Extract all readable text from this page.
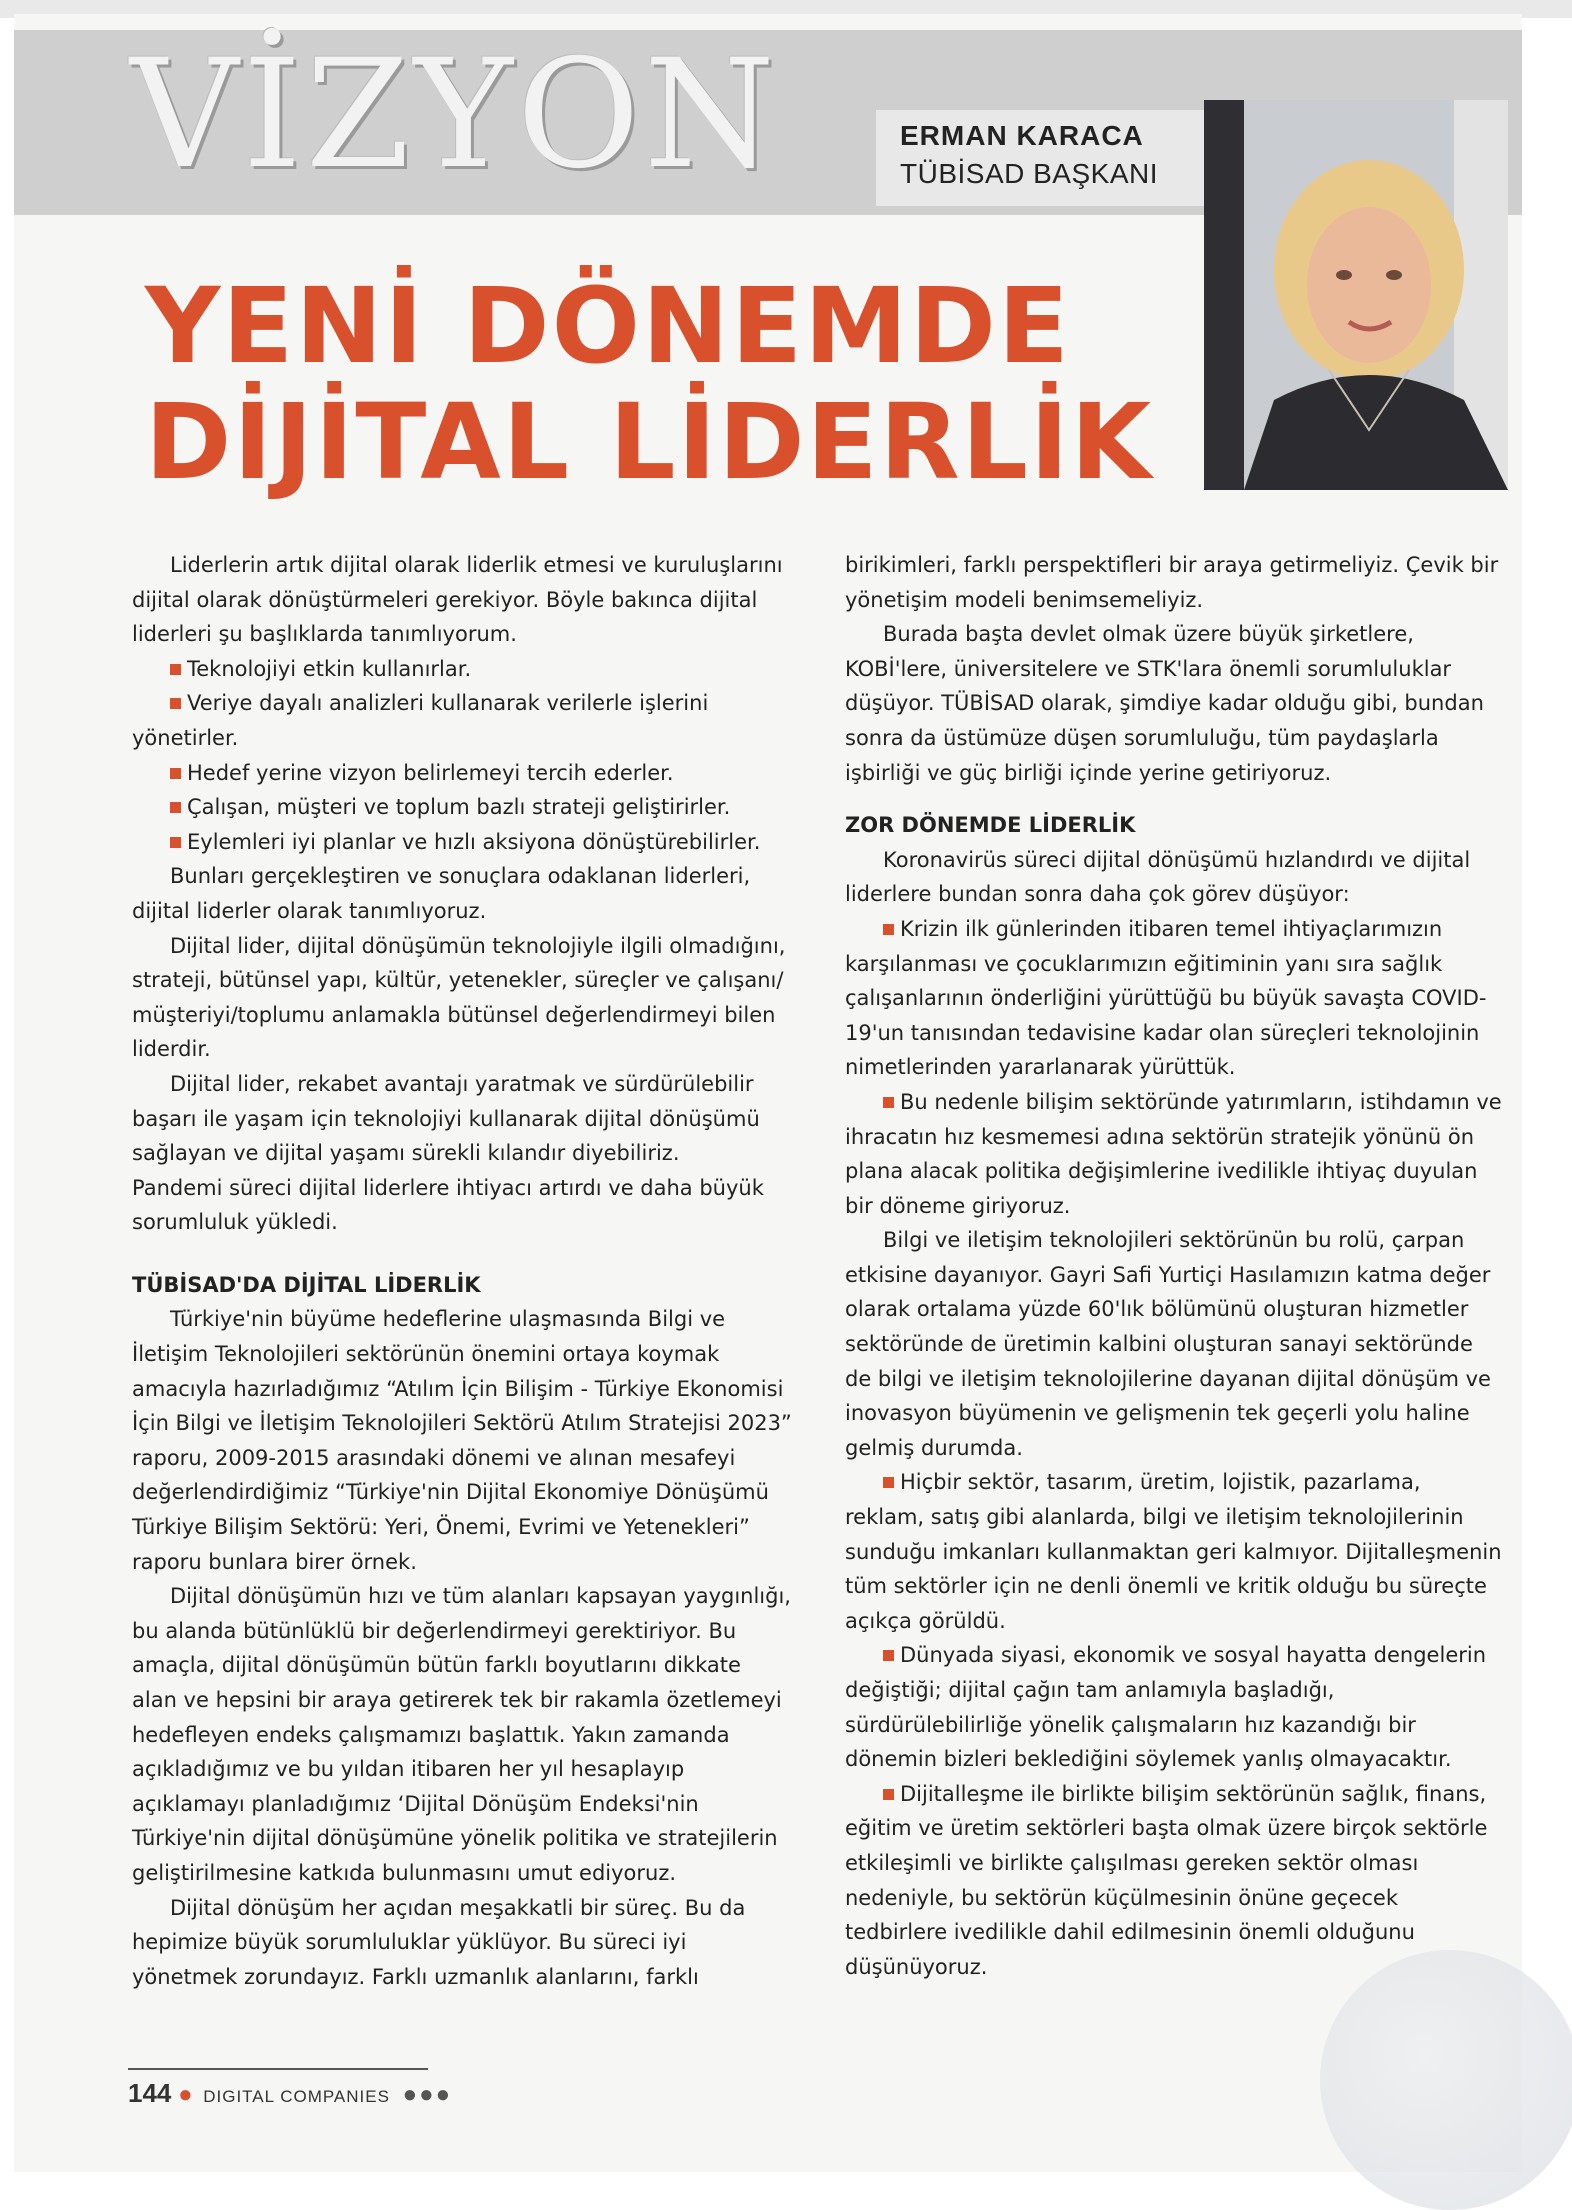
VİZYON	ERMAN KARACA
TÜBİSAD BAŞKANI
YENİ DÖNEMDE
DİJİTAL LİDERLİK

Liderlerin artık dijital olarak liderlik etmesi ve kuruluşlarını dijital olarak dönüştürmeleri gerekiyor. Böyle bakınca dijital liderleri şu başlıklarda tanımlıyorum.

Teknolojiyi etkin kullanırlar.

Veriye dayalı analizleri kullanarak verilerle işlerini yönetirler.

Hedef yerine vizyon belirlemeyi tercih ederler.

Çalışan, müşteri ve toplum bazlı strateji geliştirirler.

Eylemleri iyi planlar ve hızlı aksiyona dönüştürebilirler.

Bunları gerçekleştiren ve sonuçlara odaklanan liderleri, dijital liderler olarak tanımlıyoruz.

Dijital lider, dijital dönüşümün teknolojiyle ilgili olmadığını, strateji, bütünsel yapı, kültür, yetenekler, süreçler ve çalışanı/ müşteriyi/toplumu anlamakla bütünsel değerlendirmeyi bilen liderdir.

Dijital lider, rekabet avantajı yaratmak ve sürdürülebilir başarı ile yaşam için teknolojiyi kullanarak dijital dönüşümü sağlayan ve dijital yaşamı sürekli kılandır diyebiliriz.

Pandemi süreci dijital liderlere ihtiyacı artırdı ve daha büyük sorumluluk yükledi.

TÜBİSAD'DA DİJİTAL LİDERLİK

Türkiye'nin büyüme hedeflerine ulaşmasında Bilgi ve İletişim Teknolojileri sektörünün önemini ortaya koymak amacıyla hazırladığımız “Atılım İçin Bilişim - Türkiye Ekonomisi İçin Bilgi ve İletişim Teknolojileri Sektörü Atılım Stratejisi 2023” raporu, 2009-2015 arasındaki dönemi ve alınan mesafeyi değerlendirdiğimiz “Türkiye'nin Dijital Ekonomiye Dönüşümü Türkiye Bilişim Sektörü: Yeri, Önemi, Evrimi ve Yetenekleri” raporu bunlara birer örnek.

Dijital dönüşümün hızı ve tüm alanları kapsayan yaygınlığı, bu alanda bütünlüklü bir değerlendirmeyi gerektiriyor. Bu amaçla, dijital dönüşümün bütün farklı boyutlarını dikkate alan ve hepsini bir araya getirerek tek bir rakamla özetlemeyi hedefleyen endeks çalışmamızı başlattık. Yakın zamanda açıkladığımız ve bu yıldan itibaren her yıl hesaplayıp açıklamayı planladığımız ‘Dijital Dönüşüm Endeksi'nin Türkiye'nin dijital dönüşümüne yönelik politika ve stratejilerin geliştirilmesine katkıda bulunmasını umut ediyoruz.

Dijital dönüşüm her açıdan meşakkatli bir süreç. Bu da hepimize büyük sorumluluklar yüklüyor. Bu süreci iyi yönetmek zorundayız. Farklı uzmanlık alanlarını, farklı

birikimleri, farklı perspektifleri bir araya getirmeliyiz. Çevik bir yönetişim modeli benimsemeliyiz.

Burada başta devlet olmak üzere büyük şirketlere, KOBİ'lere, üniversitelere ve STK'lara önemli sorumluluklar düşüyor. TÜBİSAD olarak, şimdiye kadar olduğu gibi, bundan sonra da üstümüze düşen sorumluluğu, tüm paydaşlarla işbirliği ve güç birliği içinde yerine getiriyoruz.

ZOR DÖNEMDE LİDERLİK

Koronavirüs süreci dijital dönüşümü hızlandırdı ve dijital liderlere bundan sonra daha çok görev düşüyor:

Krizin ilk günlerinden itibaren temel ihtiyaçlarımızın karşılanması ve çocuklarımızın eğitiminin yanı sıra sağlık çalışanlarının önderliğini yürüttüğü bu büyük savaşta COVID-19'un tanısından tedavisine kadar olan süreçleri teknolojinin nimetlerinden yararlanarak yürüttük.

Bu nedenle bilişim sektöründe yatırımların, istihdamın ve ihracatın hız kesmemesi adına sektörün stratejik yönünü ön plana alacak politika değişimlerine ivedilikle ihtiyaç duyulan bir döneme giriyoruz.

Bilgi ve iletişim teknolojileri sektörünün bu rolü, çarpan etkisine dayanıyor. Gayri Safi Yurtiçi Hasılamızın katma değer olarak ortalama yüzde 60'lık bölümünü oluşturan hizmetler sektöründe de üretimin kalbini oluşturan sanayi sektöründe de bilgi ve iletişim teknolojilerine dayanan dijital dönüşüm ve inovasyon büyümenin ve gelişmenin tek geçerli yolu haline gelmiş durumda.

Hiçbir sektör, tasarım, üretim, lojistik, pazarlama, reklam, satış gibi alanlarda, bilgi ve iletişim teknolojilerinin sunduğu imkanları kullanmaktan geri kalmıyor. Dijitalleşmenin tüm sektörler için ne denli önemli ve kritik olduğu bu süreçte açıkça görüldü.

Dünyada siyasi, ekonomik ve sosyal hayatta dengelerin değiştiği; dijital çağın tam anlamıyla başladığı, sürdürülebilirliğe yönelik çalışmaların hız kazandığı bir dönemin bizleri beklediğini söylemek yanlış olmayacaktır.

Dijitalleşme ile birlikte bilişim sektörünün sağlık, finans, eğitim ve üretim sektörleri başta olmak üzere birçok sektörle etkileşimli ve birlikte çalışılması gereken sektör olması nedeniyle, bu sektörün küçülmesinin önüne geçecek tedbirlere ivedilikle dahil edilmesinin önemli olduğunu düşünüyoruz.

144 ● DIGITAL COMPANIES ●●●
